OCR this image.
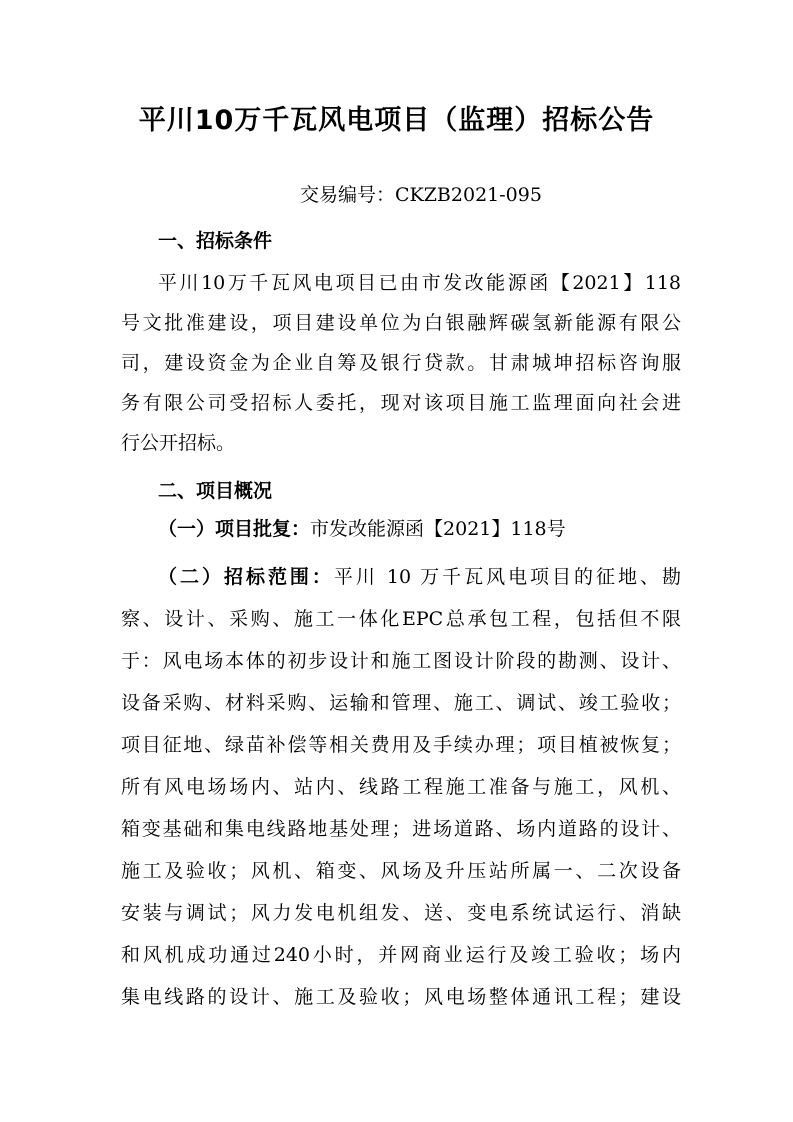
平川10万千瓦风电项目（监理）招标公告

交易编号：CKZB2021-095

一、招标条件

平川10万千瓦风电项目已由市发改能源函【2021】118

号文批准建设，项目建设单位为白银融辉碳氢新能源有限公

司，建设资金为企业自筹及银行贷款。甘肃城坤招标咨询服

务有限公司受招标人委托，现对该项目施工监理面向社会进

行公开招标。

二、项目概况

（一）项目批复：市发改能源函【2021】118号

（二）招标范围：平川 10 万千瓦风电项目的征地、勘

察、设计、采购、施工一体化EPC总承包工程，包括但不限

于：风电场本体的初步设计和施工图设计阶段的勘测、设计、

设备采购、材料采购、运输和管理、施工、调试、竣工验收；

项目征地、绿苗补偿等相关费用及手续办理；项目植被恢复；

所有风电场场内、站内、线路工程施工准备与施工，风机、

箱变基础和集电线路地基处理；进场道路、场内道路的设计、

施工及验收；风机、箱变、风场及升压站所属一、二次设备

安装与调试；风力发电机组发、送、变电系统试运行、消缺

和风机成功通过240小时，并网商业运行及竣工验收；场内

集电线路的设计、施工及验收；风电场整体通讯工程；建设
